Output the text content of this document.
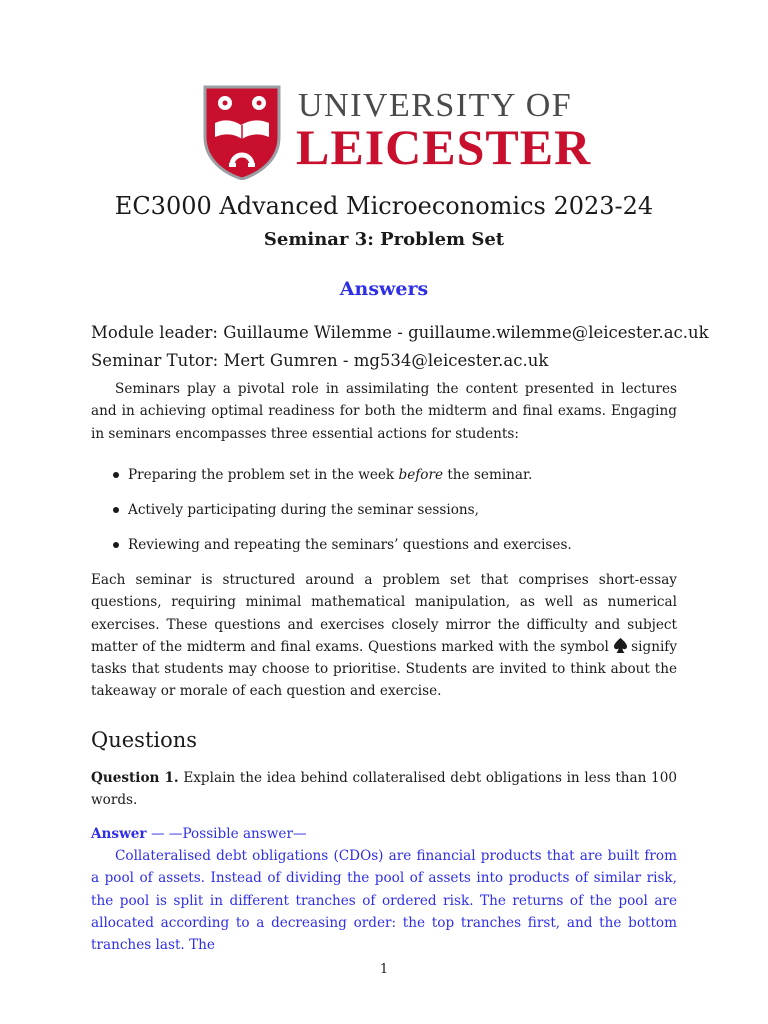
UNIVERSITY OF
LEICESTER
EC3000 Advanced Microeconomics 2023-24
Seminar 3: Problem Set
Answers
Module leader: Guillaume Wilemme - guillaume.wilemme@leicester.ac.uk
Seminar Tutor: Mert Gumren - mg534@leicester.ac.uk

Seminars play a pivotal role in assimilating the content presented in lectures and in achieving optimal readiness for both the midterm and final exams. Engaging in seminars encompasses three essential actions for students:

Preparing the problem set in the week before the seminar.
Actively participating during the seminar sessions,
Reviewing and repeating the seminars’ questions and exercises.

Each seminar is structured around a problem set that comprises short-essay questions, requiring minimal mathematical manipulation, as well as numerical exercises. These questions and exercises closely mirror the difficulty and subject matter of the midterm and final exams. Questions marked with the symbol signify tasks that students may choose to prioritise. Students are invited to think about the takeaway or morale of each question and exercise.

Questions

Question 1. Explain the idea behind collateralised debt obligations in less than 100 words.

Answer — —Possible answer—

Collateralised debt obligations (CDOs) are financial products that are built from a pool of assets. Instead of dividing the pool of assets into products of similar risk, the pool is split in different tranches of ordered risk. The returns of the pool are allocated according to a decreasing order: the top tranches first, and the bottom tranches last. The

1
